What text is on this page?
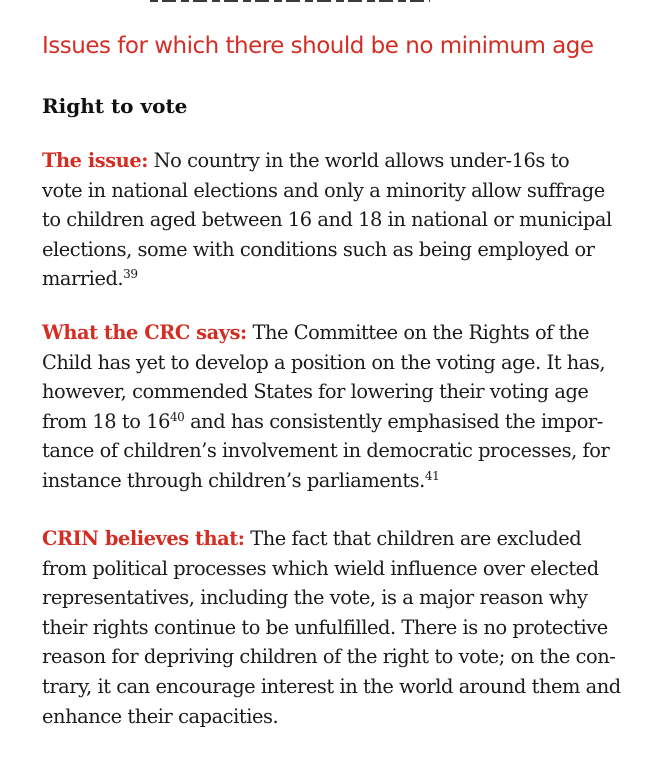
Issues for which there should be no minimum age
Right to vote

The issue: No country in the world allows under-16s to
vote in national elections and only a minority allow suffrage
to children aged between 16 and 18 in national or municipal
elections, some with conditions such as being employed or
married.$^{39}$

What the CRC says: The Committee on the Rights of the
Child has yet to develop a position on the voting age. It has,
however, commended States for lowering their voting age
from 18 to $16^{40}$ and has consistently emphasised the impor-
tance of children’s involvement in democratic processes, for
instance through children’s parliaments.$^{41}$

CRIN believes that: The fact that children are excluded
from political processes which wield influence over elected
representatives, including the vote, is a major reason why
their rights continue to be unfulfilled. There is no protective
reason for depriving children of the right to vote; on the con-
trary, it can encourage interest in the world around them and
enhance their capacities.
